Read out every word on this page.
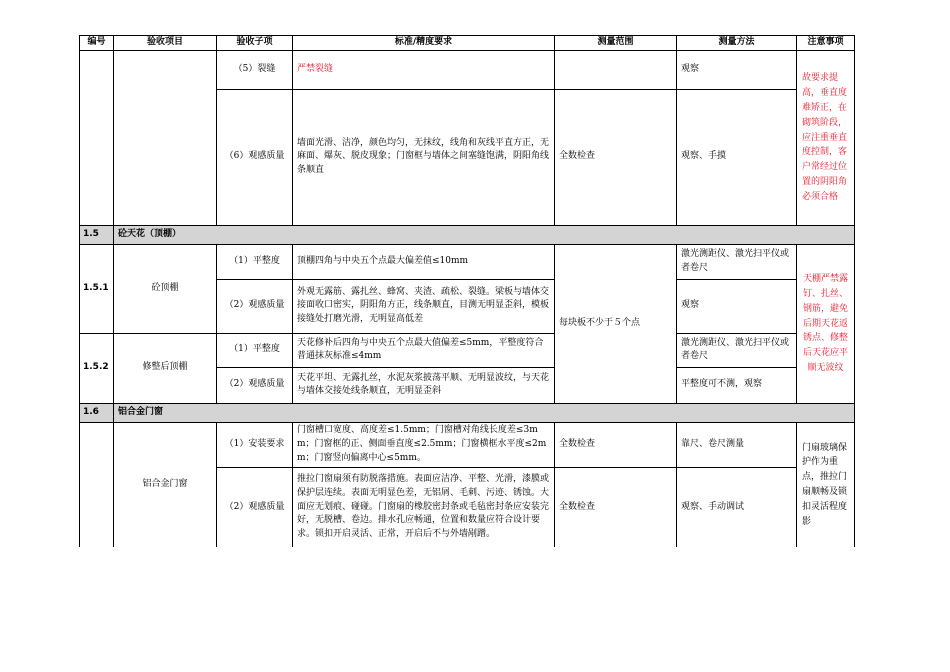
编号	验收项目	验收子项	标准/精度要求	测量范围	测量方法	注意事项
		（5）裂缝	严禁裂缝		观察	故要求提高，垂直度难矫正，在砌筑阶段，应注重垂直度控制，客户常经过位置的阴阳角必须合格
		（6）观感质量	墙面光滑、洁净，颜色均匀，无抹纹，线角和灰线平直方正，无麻面、爆灰、脱皮现象；门窗框与墙体之间塞缝饱满，阴阳角线条顺直	全数检查	观察、手摸	
1.5	砼天花（顶棚）					
1.5.1	砼顶棚	（1）平整度	顶棚四角与中央五个点最大偏差值≤10mm	每块板不少于５个点	激光测距仪、激光扫平仪或者卷尺	天棚严禁露钉、扎丝、钢筋，避免后期天花返锈点、修整后天花应平顺无波纹
		（2）观感质量	外观无露筋、露扎丝、蜂窝、夹渣、疏松、裂缝。梁板与墙体交接面收口密实，阴阳角方正，线条顺直，目测无明显歪斜，模板接缝处打磨光滑，无明显高低差		观察	
1.5.2	修整后顶棚	（1）平整度	天花修补后四角与中央五个点最大值偏差≤5mm，平整度符合普通抹灰标准≤4mm		激光测距仪、激光扫平仪或者卷尺	
		（2）观感质量	天花平坦、无露扎丝，水泥灰浆披荡平顺、无明显波纹，与天花与墙体交接处线条顺直，无明显歪斜		平整度可不测，观察	
1.6	铝合金门窗					
	铝合金门窗	（1）安装要求	门窗槽口宽度、高度差≤1.5mm；门窗槽对角线长度差≤3mm；门窗框的正、侧面垂直度≤2.5mm；门窗横框水平度≤2mm；门窗竖向偏离中心≤5mm。	全数检查	靠尺、卷尺测量	门扇玻璃保护作为重点，推拉门扇顺畅及锁扣灵活程度影
		（2）观感质量	推拉门窗扇须有防脱落措施。表面应洁净、平整、光滑，漆膜或保护层连续。表面无明显色差，无铝屑、毛刺、污迹、锈蚀。大面应无划痕、碰碰。门窗扇的橡胶密封条或毛毡密封条应安装完好，无脱槽、卷边。排水孔应畅通，位置和数量应符合设计要求。锁扣开启灵活、正常，开启后不与外墙剐蹭。	全数检查	观察、手动调试	
